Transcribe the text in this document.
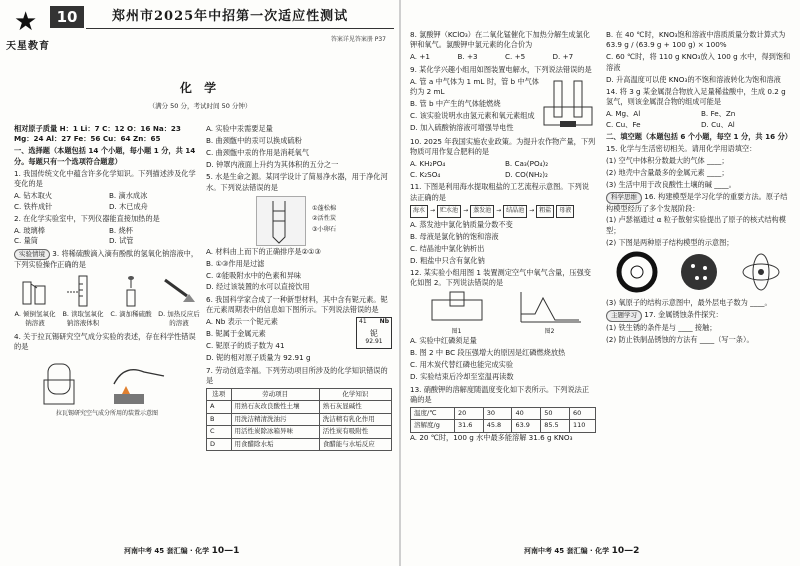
★
天星教育
10	郑州市2025年中招第一次适应性测试
答案详见答案册 P37
化 学
（满分 50 分，考试时间 50 分钟）

相对原子质量 H：1 Li：7 C：12 O：16 Na：23 Mg：24 Al：27 Fe：56 Cu：64 Zn：65

一、选择题（本题包括 14 个小题，每小题 1 分，共 14 分。每题只有一个选项符合题意）

1. 我国传统文化中蕴含许多化学知识。下列描述涉及化学变化的是

A. 钻木取火	B. 滴水成冰
C. 铁杵成针	D. 木已成舟

2. 在化学实验室中，下列仪器能直接加热的是

A. 玻璃棒	B. 烧杯
C. 量筒	D. 试管

实验情境 3. 将稀硫酸滴入滴有酚酞的氢氧化钠溶液中，下列实验操作正确的是

A. 倾倒氢氧化钠溶液
B. 读取氢氧化钠溶液体积
C. 滴加稀硫酸 D. 加热反应后的溶液

4. 关于拉瓦锡研究空气成分实验的表述，存在科学性错误的是

拉瓦锡研究空气成分所用的装置示意图

A. 实验中汞需要足量

B. 曲颈甑中的汞可以换成硫粉

C. 曲颈甑中汞的作用是消耗氧气

D. 钟罩内液面上升约为其体积的五分之一

5. 水是生命之源。某同学设计了简易净水器，用于净化河水。下列说法错误的是

①蓬松棉

②活性炭

③小卵石

A. 材料由上而下的正确排序是②①③

B. ①③作用是过滤

C. ②能吸附水中的色素和异味

D. 经过该装置的水可以直接饮用

6. 我国科学家合成了一种新型材料，其中含有铌元素。铌在元素周期表中的信息如下图所示。下列说法错误的是

A. Nb 表示一个铌元素

B. 铌属于金属元素

C. 铌原子的质子数为 41

41 Nb
铌
92.91

D. 铌的相对原子质量为 92.91 g

7. 劳动创造幸福。下列劳动项目所涉及的化学知识错误的是

选项	劳动项目	化学知识
A	用熟石灰改良酸性土壤	熟石灰显碱性
B	用洗洁精清洗油污	洗洁精有乳化作用
C	用活性炭除冰箱异味	活性炭有吸附性
D	用食醋除水垢	食醋能与水垢反应
河南中考 45 套汇编 · 化学 10—1

8. 氯酸钾（KClO₃）在二氧化锰催化下加热分解生成氯化钾和氧气。氯酸钾中氯元素的化合价为

A. +1	B. +3	C. +5	D. +7

9. 某化学兴趣小组用如图装置电解水，下列说法错误的是

A. 管 a 中气体为 1 mL 时，管 b 中气体约为 2 mL

B. 管 b 中产生的气体能燃烧

C. 该实验说明水由氢元素和氧元素组成

D. 加入硫酸钠溶液可增强导电性

10. 2025 年我国实施农业政策。为提升农作物产量，下列物质可用作复合肥料的是

A. KH₂PO₄	B. Ca₃(PO₄)₂
C. K₂SO₄	D. CO(NH₂)₂

11. 下图是利用海水提取粗盐的工艺流程示意图。下列说法正确的是

海水 → 贮水池 → 蒸发池 → 结晶池 → 粗盐	母液

A. 蒸发池中氯化钠质量分数不变

B. 母液是氯化钠的饱和溶液

C. 结晶池中氯化钠析出

D. 粗盐中只含有氯化钠

12. 某实验小组用图 1 装置测定空气中氧气含量，压强变化如图 2。下列说法错误的是

图1	图2

A. 实验中红磷须足量

B. 图 2 中 BC 段压强增大的原因是红磷燃烧放热

C. 用木炭代替红磷也能完成实验

D. 实验结束后冷却至室温再读数

13. 硝酸钾的溶解度随温度变化如下表所示。下列说法正确的是

温度/℃	20	30	40	50	60
溶解度/g	31.6	45.8	63.9	85.5	110

A. 20 ℃时，100 g 水中最多能溶解 31.6 g KNO₃

B. 在 40 ℃时，KNO₃饱和溶液中溶质质量分数计算式为 63.9 g / (63.9 g + 100 g) × 100%

C. 60 ℃时，将 110 g KNO₃放入 100 g 水中，得到饱和溶液

D. 升高温度可以使 KNO₃的不饱和溶液转化为饱和溶液

14. 将 3 g 某金属混合物放入足量稀盐酸中，生成 0.2 g 氢气，则该金属混合物的组成可能是

A. Mg、Al	B. Fe、Zn
C. Cu、Fe	D. Cu、Al

二、填空题（本题包括 6 个小题，每空 1 分，共 16 分）

15. 化学与生活密切相关。请用化学用语填空：

(1) 空气中体积分数最大的气体 ____；

(2) 地壳中含量最多的金属元素 ____；

(3) 生活中用于改良酸性土壤的碱 ____。

科学思维 16. 构建模型是学习化学的重要方法。原子结构模型经历了多个发展阶段：

(1) 卢瑟福通过 α 粒子散射实验提出了原子的核式结构模型；

(2) 下图是两种原子结构模型的示意图；

(3) 氧原子的结构示意图中，最外层电子数为 ____。

主题学习 17. 金属锈蚀条件探究：

(1) 铁生锈的条件是与 ____ 接触；

(2) 防止铁制品锈蚀的方法有 ____（写一条）。

河南中考 45 套汇编 · 化学 10—2
